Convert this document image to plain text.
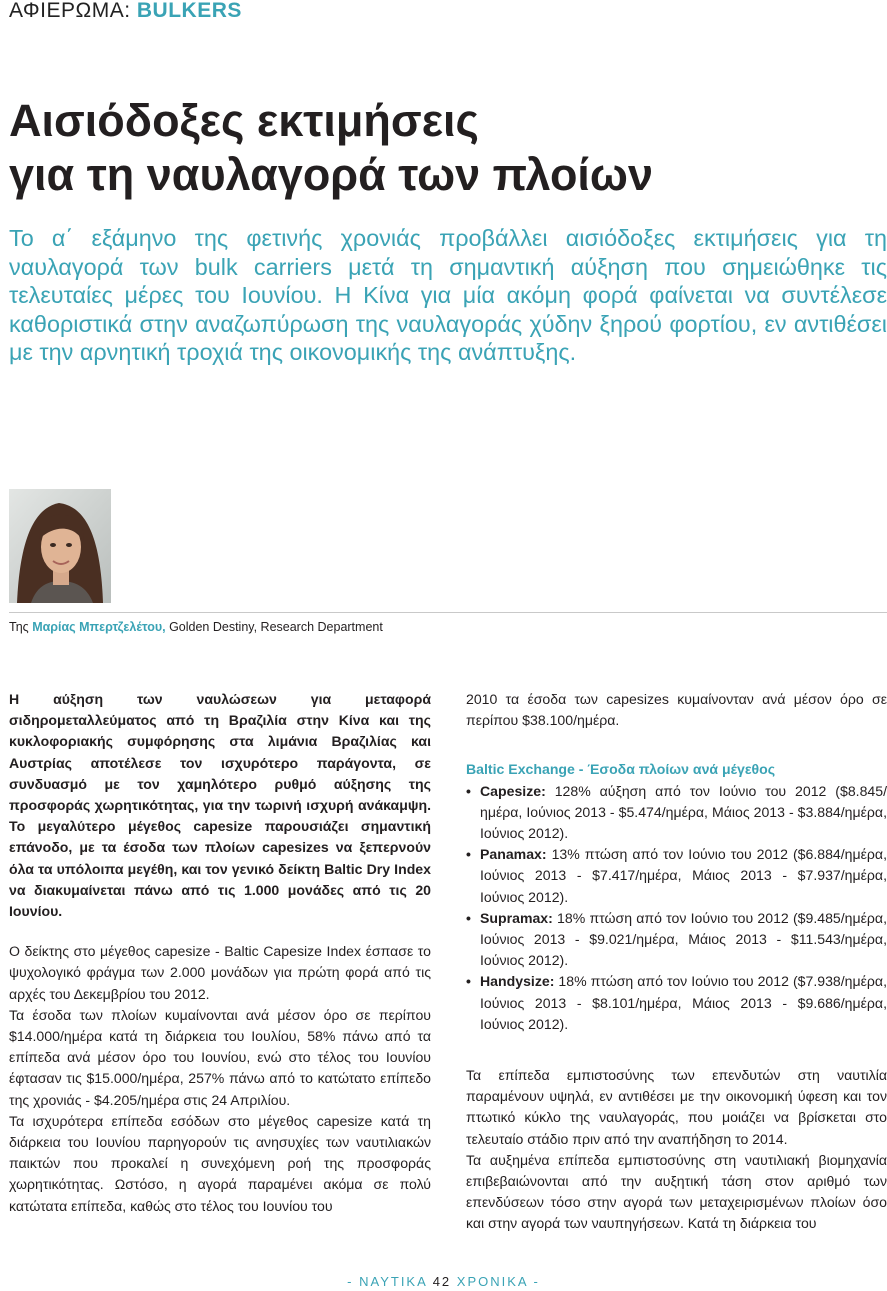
ΑΦΙΕΡΩΜΑ: BULKERS
Αισιόδοξες εκτιμήσεις
για τη ναυλαγορά των πλοίων

Το α΄ εξάμηνο της φετινής χρονιάς προβάλλει αισιόδοξες εκτιμήσεις για τη ναυλαγορά των bulk carriers μετά τη σημαντική αύξηση που σημειώθηκε τις τελευταίες μέρες του Ιουνίου. Η Κίνα για μία ακόμη φορά φαίνεται να συντέλεσε καθοριστικά στην αναζωπύρωση της ναυλαγοράς χύδην ξηρού φορτίου, εν αντιθέσει με την αρνητική τροχιά της οικονομικής της ανάπτυξης.

Της Μαρίας Μπερτζελέτου, Golden Destiny, Research Department

Η αύξηση των ναυλώσεων για μεταφορά σιδηρομεταλλεύματος από τη Βραζιλία στην Κίνα και της κυκλοφοριακής συμφόρησης στα λιμάνια Βραζιλίας και Αυστρίας αποτέλεσε τον ισχυρότερο παράγοντα, σε συνδυασμό με τον χαμηλότερο ρυθμό αύξησης της προσφοράς χωρητικότητας, για την τωρινή ισχυρή ανάκαμψη. Το μεγαλύτερο μέγεθος capesize παρουσιάζει σημαντική επάνοδο, με τα έσοδα των πλοίων capesizes να ξεπερνούν όλα τα υπόλοιπα μεγέθη, και τον γενικό δείκτη Baltic Dry Index να διακυμαίνεται πάνω από τις 1.000 μονάδες από τις 20 Ιουνίου.

Ο δείκτης στο μέγεθος capesize - Baltic Capesize Index έσπασε το ψυχολογικό φράγμα των 2.000 μονάδων για πρώτη φορά από τις αρχές του Δεκεμβρίου του 2012.

Τα έσοδα των πλοίων κυμαίνονται ανά μέσον όρο σε περίπου $14.000/ημέρα κατά τη διάρκεια του Ιουλίου, 58% πάνω από τα επίπεδα ανά μέσον όρο του Ιουνίου, ενώ στο τέλος του Ιουνίου έφτασαν τις $15.000/ημέρα, 257% πάνω από το κατώτατο επίπεδο της χρονιάς - $4.205/ημέρα στις 24 Απριλίου.

Τα ισχυρότερα επίπεδα εσόδων στο μέγεθος capesize κατά τη διάρκεια του Ιουνίου παρηγορούν τις ανησυχίες των ναυτιλιακών παικτών που προκαλεί η συνεχόμενη ροή της προσφοράς χωρητικότητας. Ωστόσο, η αγορά παραμένει ακόμα σε πολύ κατώτατα επίπεδα, καθώς στο τέλος του Ιουνίου του

2010 τα έσοδα των capesizes κυμαίνονταν ανά μέσον όρο σε περίπου $38.100/ημέρα.

Baltic Exchange - Έσοδα πλοίων ανά μέγεθος

• Capesize: 128% αύξηση από τον Ιούνιο του 2012 ($8.845/ημέρα, Ιούνιος 2013 - $5.474/ημέρα, Μάιος 2013 - $3.884/ημέρα, Ιούνιος 2012).
• Panamax: 13% πτώση από τον Ιούνιο του 2012 ($6.884/ημέρα, Ιούνιος 2013 - $7.417/ημέρα, Μάιος 2013 - $7.937/ημέρα, Ιούνιος 2012).
• Supramax: 18% πτώση από τον Ιούνιο του 2012 ($9.485/ημέρα, Ιούνιος 2013 - $9.021/ημέρα, Μάιος 2013 - $11.543/ημέρα, Ιούνιος 2012).
• Handysize: 18% πτώση από τον Ιούνιο του 2012 ($7.938/ημέρα, Ιούνιος 2013 - $8.101/ημέρα, Μάιος 2013 - $9.686/ημέρα, Ιούνιος 2012).

Τα επίπεδα εμπιστοσύνης των επενδυτών στη ναυτιλία παραμένουν υψηλά, εν αντιθέσει με την οικονομική ύφεση και τον πτωτικό κύκλο της ναυλαγοράς, που μοιάζει να βρίσκεται στο τελευταίο στάδιο πριν από την αναπήδηση το 2014.

Τα αυξημένα επίπεδα εμπιστοσύνης στη ναυτιλιακή βιομηχανία επιβεβαιώνονται από την αυξητική τάση στον αριθμό των επενδύσεων τόσο στην αγορά των μεταχειρισμένων πλοίων όσο και στην αγορά των ναυπηγήσεων. Κατά τη διάρκεια του

- ΝΑΥΤΙΚΑ 42 ΧΡΟΝΙΚΑ -
